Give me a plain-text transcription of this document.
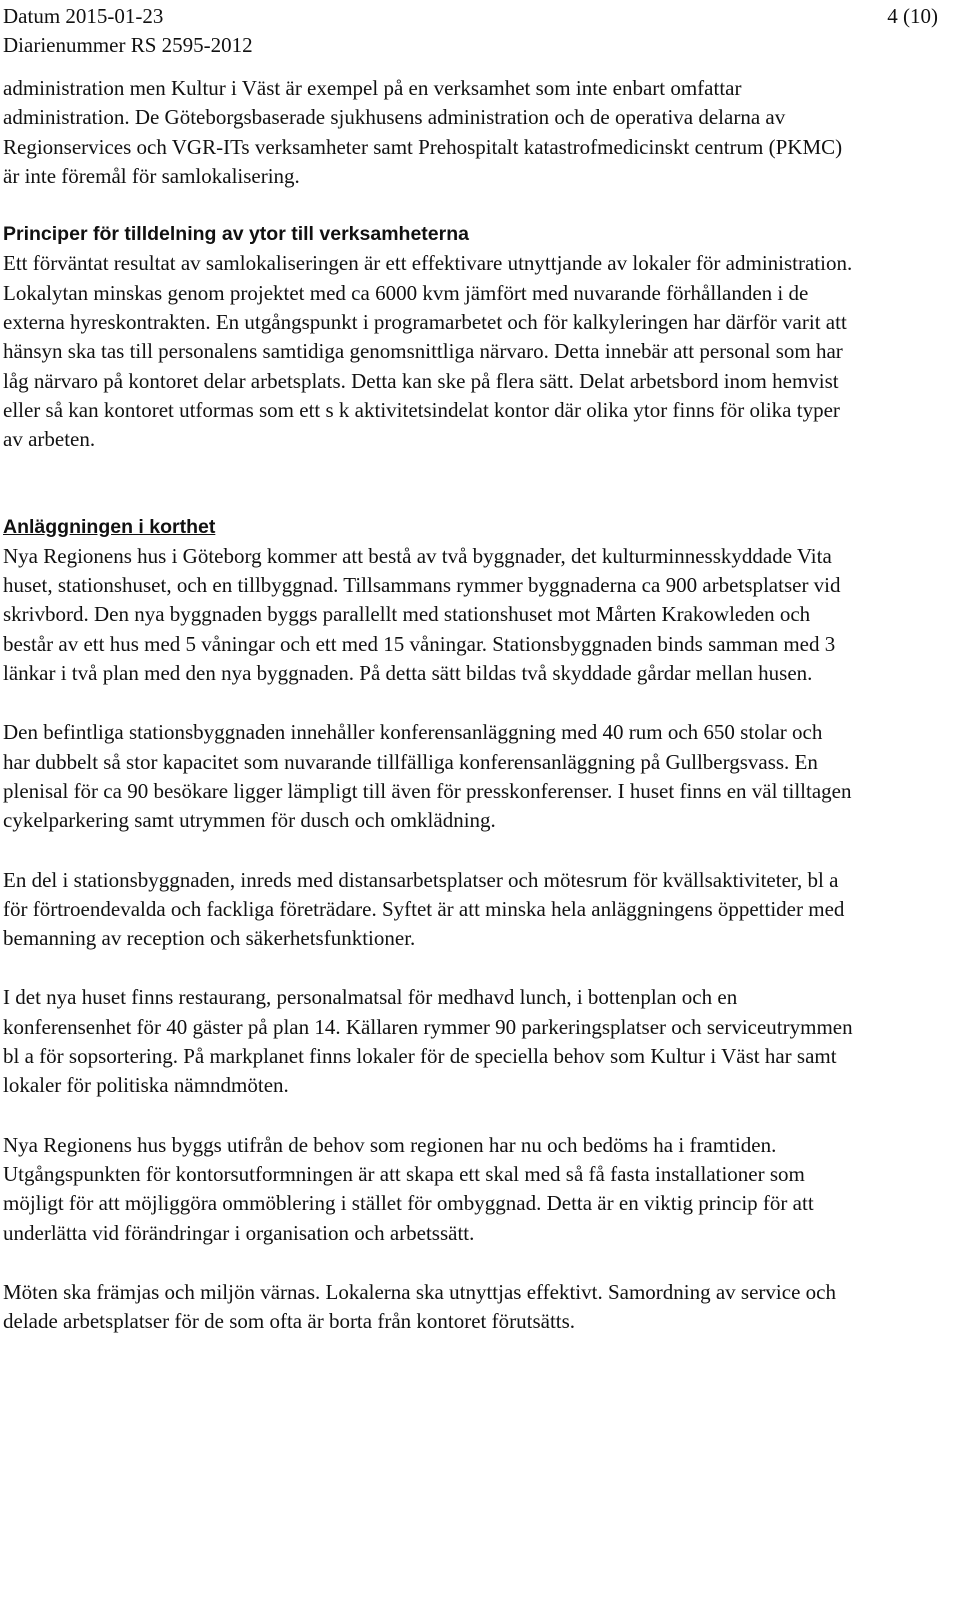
Datum 2015-01-23
Diarienummer RS 2595-2012
4 (10)

administration men Kultur i Väst är exempel på en verksamhet som inte enbart omfattar administration. De Göteborgsbaserade sjukhusens administration och de operativa delarna av Regionservices och VGR-ITs verksamheter samt Prehospitalt katastrofmedicinskt centrum (PKMC) är inte föremål för samlokalisering.

Principer för tilldelning av ytor till verksamheterna

Ett förväntat resultat av samlokaliseringen är ett effektivare utnyttjande av lokaler för administration. Lokalytan minskas genom projektet med ca 6000 kvm jämfört med nuvarande förhållanden i de externa hyreskontrakten. En utgångspunkt i programarbetet och för kalkyleringen har därför varit att hänsyn ska tas till personalens samtidiga genomsnittliga närvaro. Detta innebär att personal som har låg närvaro på kontoret delar arbetsplats. Detta kan ske på flera sätt. Delat arbetsbord inom hemvist eller så kan kontoret utformas som ett s k aktivitetsindelat kontor där olika ytor finns för olika typer av arbeten.

Anläggningen i korthet

Nya Regionens hus i Göteborg kommer att bestå av två byggnader, det kulturminnesskyddade Vita huset, stationshuset, och en tillbyggnad. Tillsammans rymmer byggnaderna ca 900 arbetsplatser vid skrivbord. Den nya byggnaden byggs parallellt med stationshuset mot Mårten Krakowleden och består av ett hus med 5 våningar och ett med 15 våningar. Stationsbyggnaden binds samman med 3 länkar i två plan med den nya byggnaden. På detta sätt bildas två skyddade gårdar mellan husen.

Den befintliga stationsbyggnaden innehåller konferensanläggning med 40 rum och 650 stolar och har dubbelt så stor kapacitet som nuvarande tillfälliga konferensanläggning på Gullbergsvass. En plenisal för ca 90 besökare ligger lämpligt till även för presskonferenser. I huset finns en väl tilltagen cykelparkering samt utrymmen för dusch och omklädning.

En del i stationsbyggnaden, inreds med distansarbetsplatser och mötesrum för kvällsaktiviteter, bl a för förtroendevalda och fackliga företrädare. Syftet är att minska hela anläggningens öppettider med bemanning av reception och säkerhetsfunktioner.

I det nya huset finns restaurang, personalmatsal för medhavd lunch, i bottenplan och en konferensenhet för 40 gäster på plan 14. Källaren rymmer 90 parkeringsplatser och serviceutrymmen bl a för sopsortering. På markplanet finns lokaler för de speciella behov som Kultur i Väst har samt lokaler för politiska nämndmöten.

Nya Regionens hus byggs utifrån de behov som regionen har nu och bedöms ha i framtiden. Utgångspunkten för kontorsutformningen är att skapa ett skal med så få fasta installationer som möjligt för att möjliggöra ommöblering i stället för ombyggnad. Detta är en viktig princip för att underlätta vid förändringar i organisation och arbetssätt.

Möten ska främjas och miljön värnas. Lokalerna ska utnyttjas effektivt. Samordning av service och delade arbetsplatser för de som ofta är borta från kontoret förutsätts.
